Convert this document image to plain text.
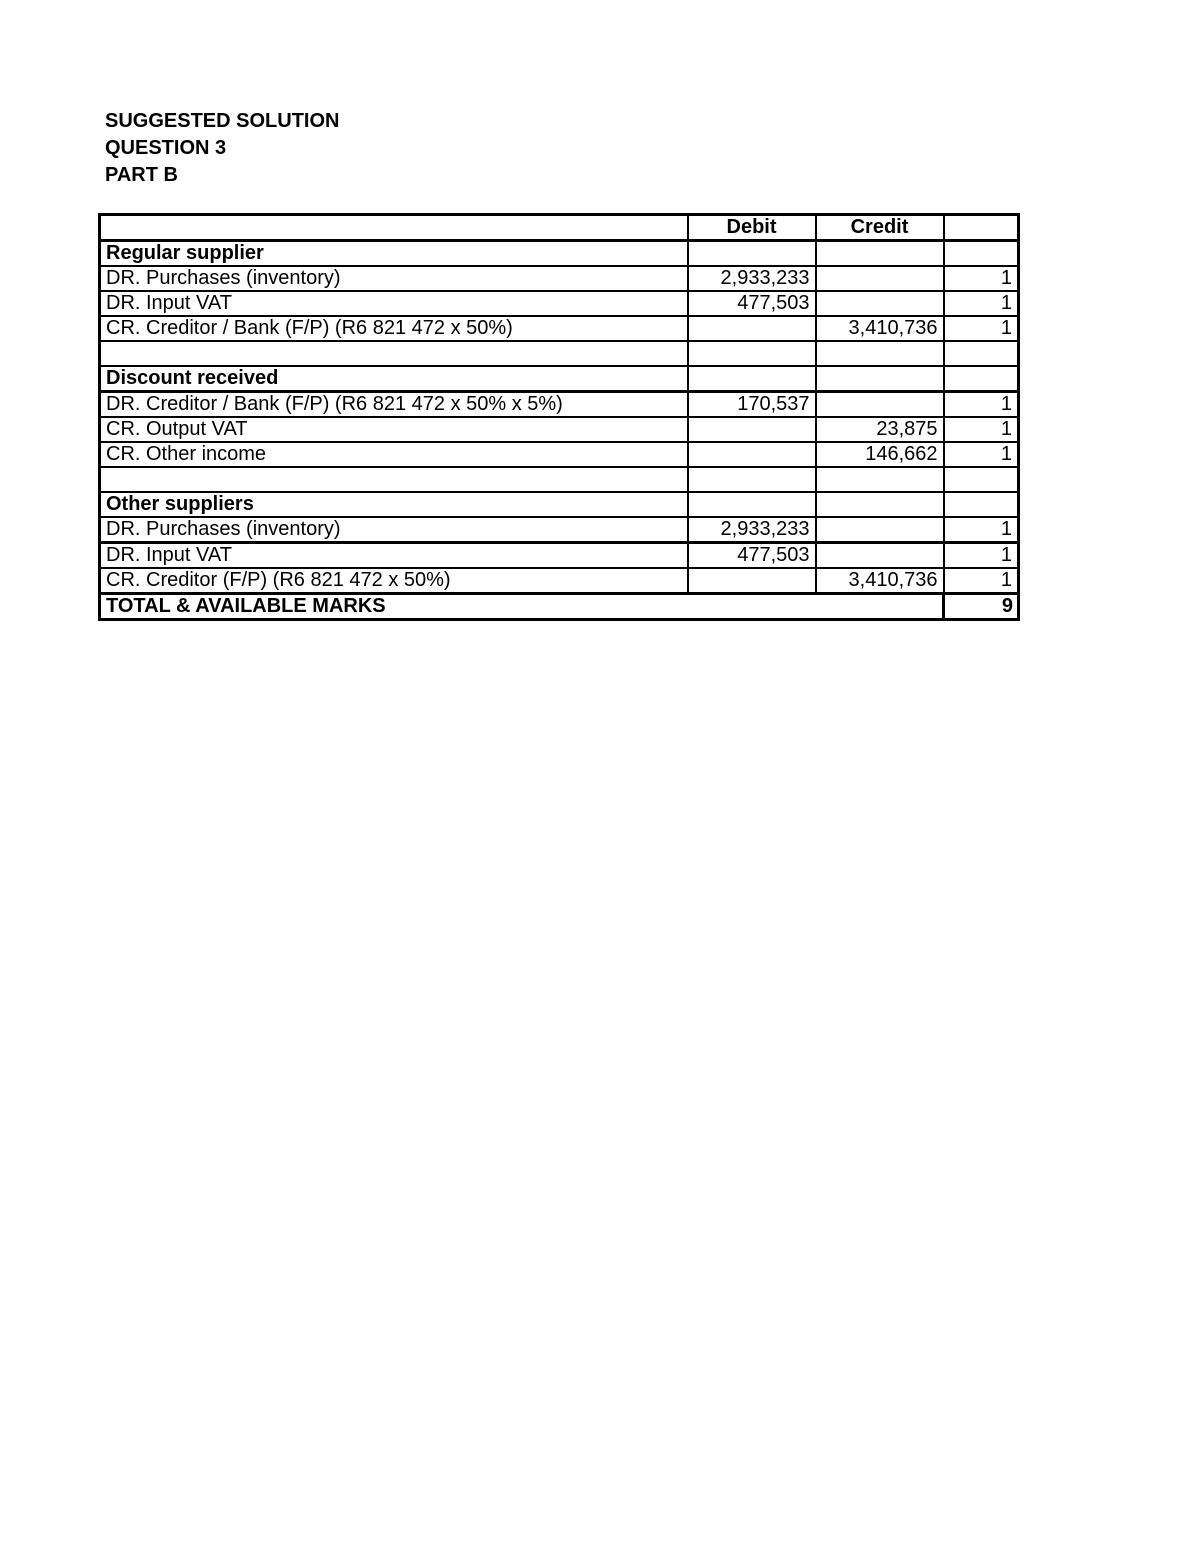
SUGGESTED SOLUTION
QUESTION 3
PART B
	Debit	Credit	
Regular supplier			
DR. Purchases (inventory)	2,933,233		1
DR. Input VAT	477,503		1
CR. Creditor / Bank (F/P) (R6 821 472 x 50%)		3,410,736	1

Discount received			
DR. Creditor / Bank (F/P) (R6 821 472 x 50% x 5%)	170,537		1
CR. Output VAT		23,875	1
CR. Other income		146,662	1

Other suppliers			
DR. Purchases (inventory)	2,933,233		1
DR. Input VAT	477,503		1
CR. Creditor (F/P) (R6 821 472 x 50%)		3,410,736	1
TOTAL & AVAILABLE MARKS			9
